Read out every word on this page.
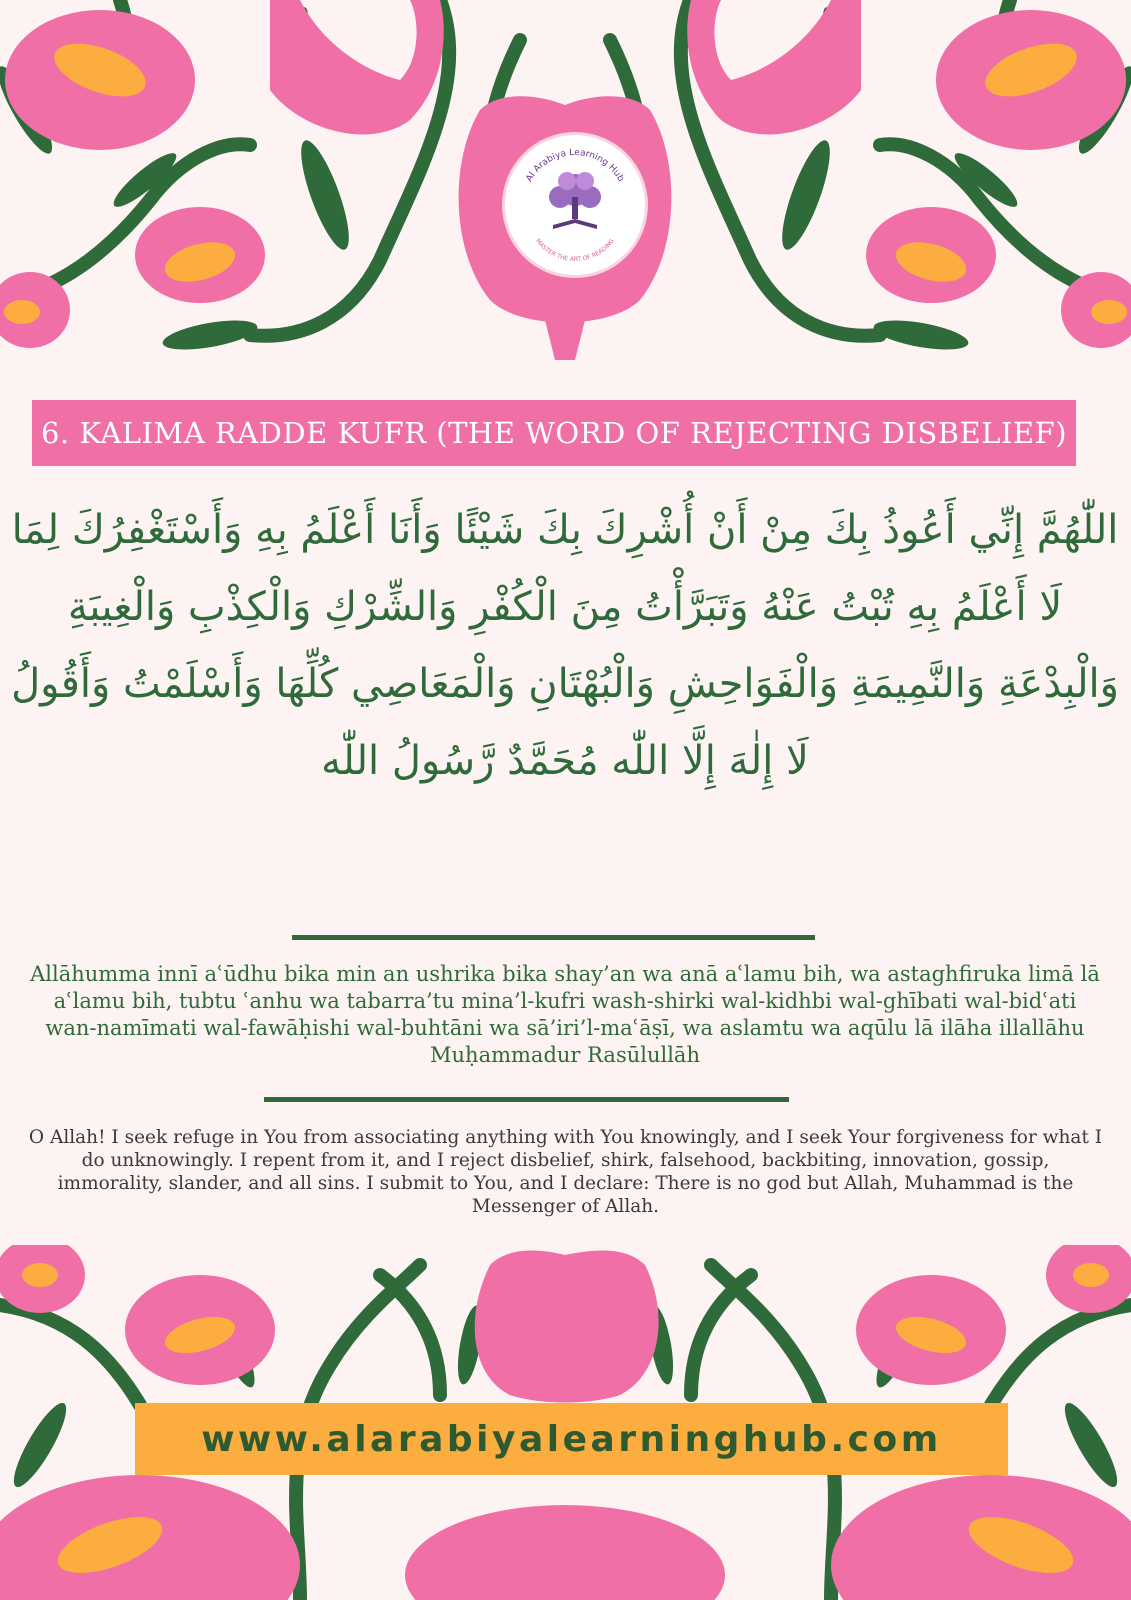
Al Arabiya Learning Hub
MASTER THE ART OF READING
6. KALIMA RADDE KUFR (THE WORD OF REJECTING DISBELIEF)
اللّٰهُمَّ إِنِّي أَعُوذُ بِكَ مِنْ أَنْ أُشْرِكَ بِكَ شَيْئًا وَأَنَا أَعْلَمُ بِهِ وَأَسْتَغْفِرُكَ لِمَا لَا أَعْلَمُ بِهِ تُبْتُ عَنْهُ وَتَبَرَّأْتُ مِنَ الْكُفْرِ وَالشِّرْكِ وَالْكِذْبِ وَالْغِيبَةِ وَالْبِدْعَةِ وَالنَّمِيمَةِ وَالْفَوَاحِشِ وَالْبُهْتَانِ وَالْمَعَاصِي كُلِّهَا وَأَسْلَمْتُ وَأَقُولُ لَا إِلٰهَ إِلَّا اللّٰه مُحَمَّدٌ رَّسُولُ اللّٰه
Allāhumma innī aʿūdhu bika min an ushrika bika shay’an wa anā aʿlamu bih, wa astaghfiruka limā lā aʿlamu bih, tubtu ʿanhu wa tabarra’tu mina’l-kufri wash-shirki wal-kidhbi wal-ghībati wal-bidʿati wan-namīmati wal-fawāḥishi wal-buhtāni wa sā’iri’l-maʿāṣī, wa aslamtu wa aqūlu lā ilāha illallāhu Muḥammadur Rasūlullāh
O Allah! I seek refuge in You from associating anything with You knowingly, and I seek Your forgiveness for what I do unknowingly. I repent from it, and I reject disbelief, shirk, falsehood, backbiting, innovation, gossip, immorality, slander, and all sins. I submit to You, and I declare: There is no god but Allah, Muhammad is the Messenger of Allah.
www.alarabiyalearninghub.com
